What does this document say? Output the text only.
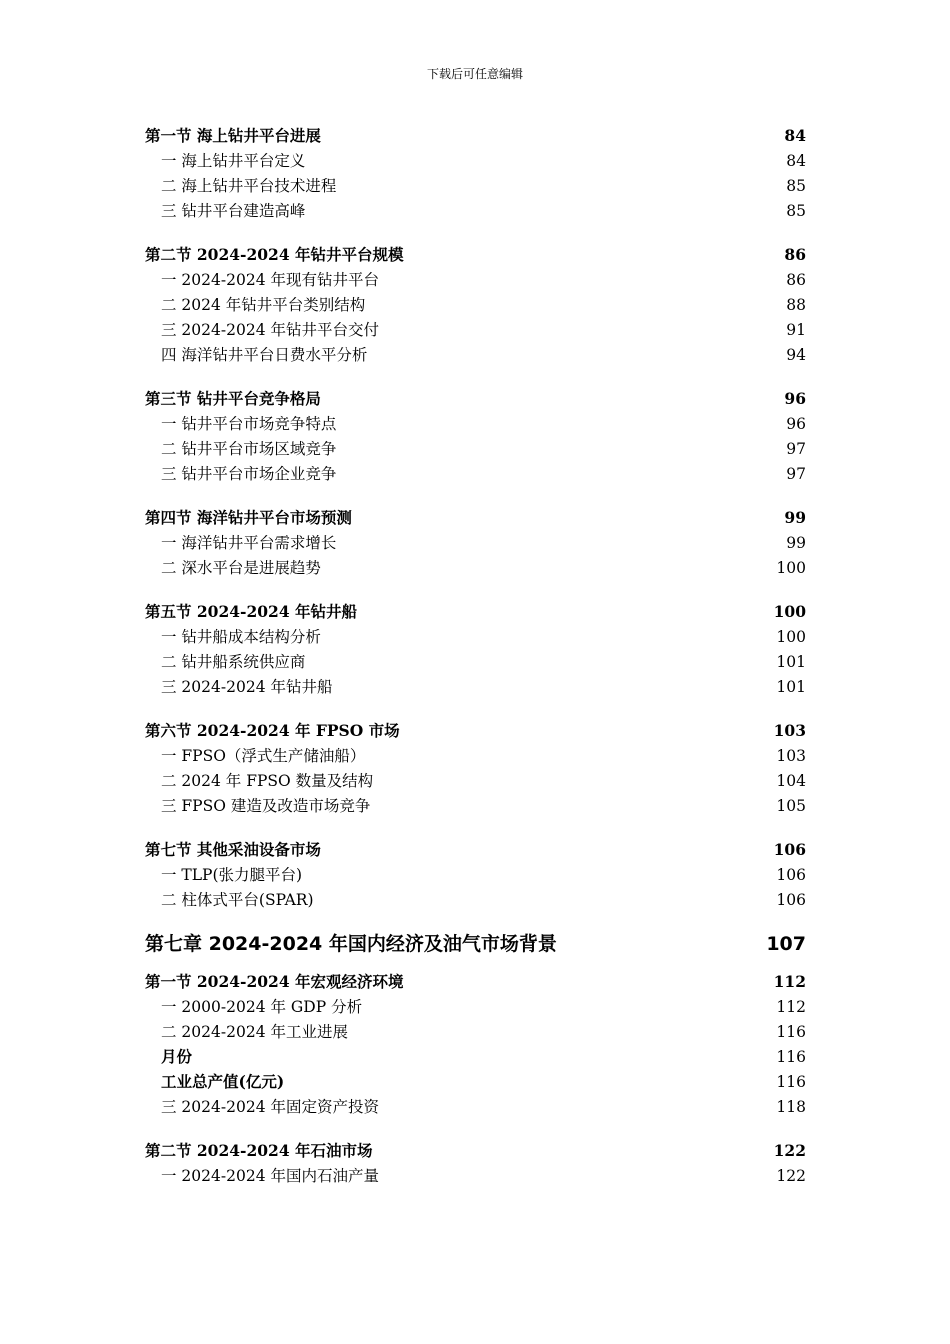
下载后可任意编辑
第一节 海上钻井平台进展	84
一 海上钻井平台定义	84
二 海上钻井平台技术进程	85
三 钻井平台建造高峰	85
第二节 2024-2024 年钻井平台规模	86
一 2024-2024 年现有钻井平台	86
二 2024 年钻井平台类别结构	88
三 2024-2024 年钻井平台交付	91
四 海洋钻井平台日费水平分析	94
第三节 钻井平台竞争格局	96
一 钻井平台市场竞争特点	96
二 钻井平台市场区域竞争	97
三 钻井平台市场企业竞争	97
第四节 海洋钻井平台市场预测	99
一 海洋钻井平台需求增长	99
二 深水平台是进展趋势	100
第五节 2024-2024 年钻井船	100
一 钻井船成本结构分析	100
二 钻井船系统供应商	101
三 2024-2024 年钻井船	101
第六节 2024-2024 年 FPSO 市场	103
一 FPSO（浮式生产储油船）	103
二 2024 年 FPSO 数量及结构	104
三 FPSO 建造及改造市场竞争	105
第七节 其他采油设备市场	106
一 TLP(张力腿平台)	106
二 柱体式平台(SPAR)	106
第七章 2024-2024 年国内经济及油气市场背景	107
第一节 2024-2024 年宏观经济环境	112
一 2000-2024 年 GDP 分析	112
二 2024-2024 年工业进展	116
月份	116
工业总产值(亿元)	116
三 2024-2024 年固定资产投资	118
第二节 2024-2024 年石油市场	122
一 2024-2024 年国内石油产量	122
